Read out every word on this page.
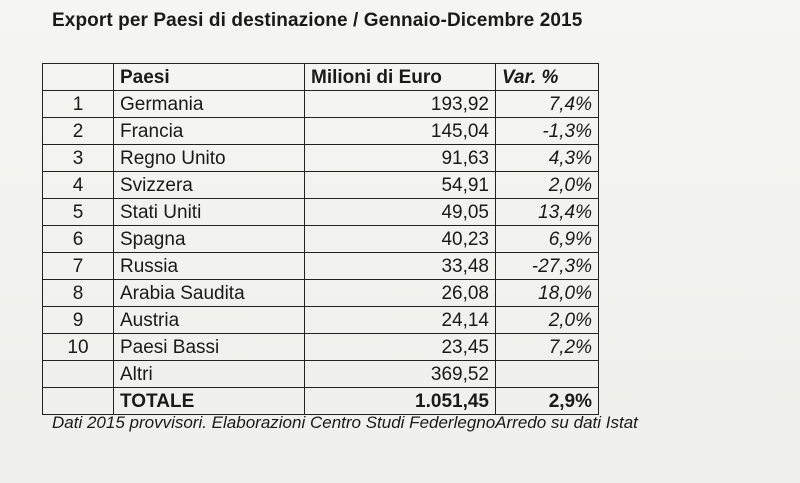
Export per Paesi di destinazione / Gennaio-Dicembre 2015
	Paesi	Milioni di Euro	Var. %
1	Germania	193,92	7,4%
2	Francia	145,04	-1,3%
3	Regno Unito	91,63	4,3%
4	Svizzera	54,91	2,0%
5	Stati Uniti	49,05	13,4%
6	Spagna	40,23	6,9%
7	Russia	33,48	-27,3%
8	Arabia Saudita	26,08	18,0%
9	Austria	24,14	2,0%
10	Paesi Bassi	23,45	7,2%
	Altri	369,52	
	TOTALE	1.051,45	2,9%
Dati 2015 provvisori. Elaborazioni Centro Studi FederlegnoArredo su dati Istat
